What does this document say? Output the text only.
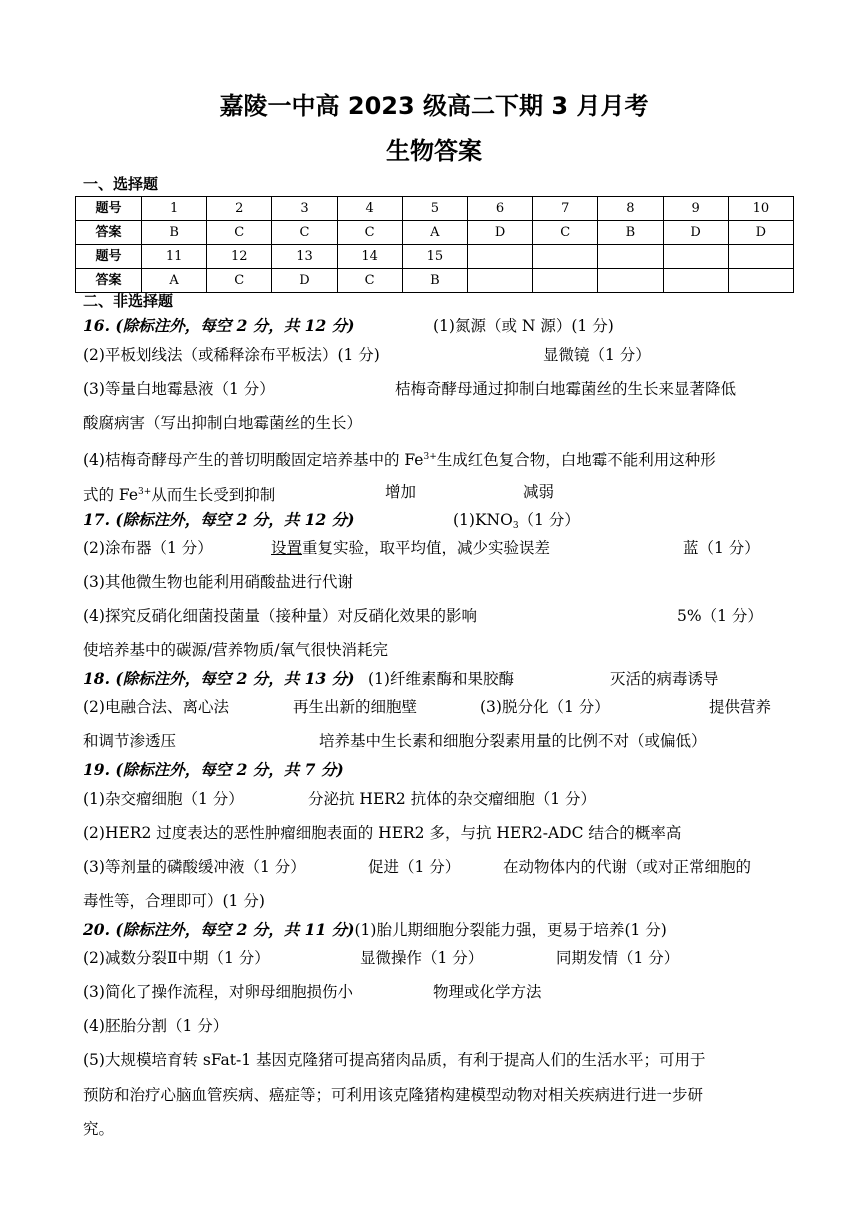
嘉陵一中高 2023 级高二下期 3 月月考
生物答案
一、选择题
题号	1	2	3	4	5	6	7	8	9	10
答案	B	C	C	C	A	D	C	B	D	D
题号	11	12	13	14	15					
答案	A	C	D	C	B					
二、非选择题
16. (除标注外，每空 2 分，共 12 分)	(1)氮源（或 N 源）(1 分)
(2)平板划线法（或稀释涂布平板法）(1 分)	显微镜（1 分）
(3)等量白地霉悬液（1 分）	桔梅奇酵母通过抑制白地霉菌丝的生长来显著降低
酸腐病害（写出抑制白地霉菌丝的生长）
(4)桔梅奇酵母产生的普切明酸固定培养基中的 $Fe^{3+}$生成红色复合物，白地霉不能利用这种形
式的 $Fe^{3+}$从而生长受到抑制	增加	减弱
17. (除标注外，每空 2 分，共 12 分)	$(1)KNO_3(1$ 分）
(2)涂布器（1 分）	设置重复实验，取平均值，减少实验误差	蓝（1 分）
(3)其他微生物也能利用硝酸盐进行代谢
(4)探究反硝化细菌投菌量（接种量）对反硝化效果的影响	5%（1 分）
使培养基中的碳源/营养物质/氧气很快消耗完
18. (除标注外，每空 2 分，共 13 分) (1)纤维素酶和果胶酶	灭活的病毒诱导
(2)电融合法、离心法	再生出新的细胞壁	(3)脱分化（1 分）	提供营养
和调节渗透压	培养基中生长素和细胞分裂素用量的比例不对（或偏低）
19. (除标注外，每空 2 分，共 7 分)
(1)杂交瘤细胞（1 分）	分泌抗 HER2 抗体的杂交瘤细胞（1 分）
(2)HER2 过度表达的恶性肿瘤细胞表面的 HER2 多，与抗 HER2-ADC 结合的概率高
(3)等剂量的磷酸缓冲液（1 分）	促进（1 分）	在动物体内的代谢（或对正常细胞的
毒性等，合理即可）(1 分)
20. (除标注外，每空 2 分，共 11 分)(1)胎儿期细胞分裂能力强，更易于培养(1 分)
(2)减数分裂Ⅱ中期（1 分）	显微操作（1 分）	同期发情（1 分）
(3)简化了操作流程，对卵母细胞损伤小	物理或化学方法
(4)胚胎分割（1 分）
(5)大规模培育转 sFat-1 基因克隆猪可提高猪肉品质，有利于提高人们的生活水平；可用于
预防和治疗心脑血管疾病、癌症等；可利用该克隆猪构建模型动物对相关疾病进行进一步研
究。
